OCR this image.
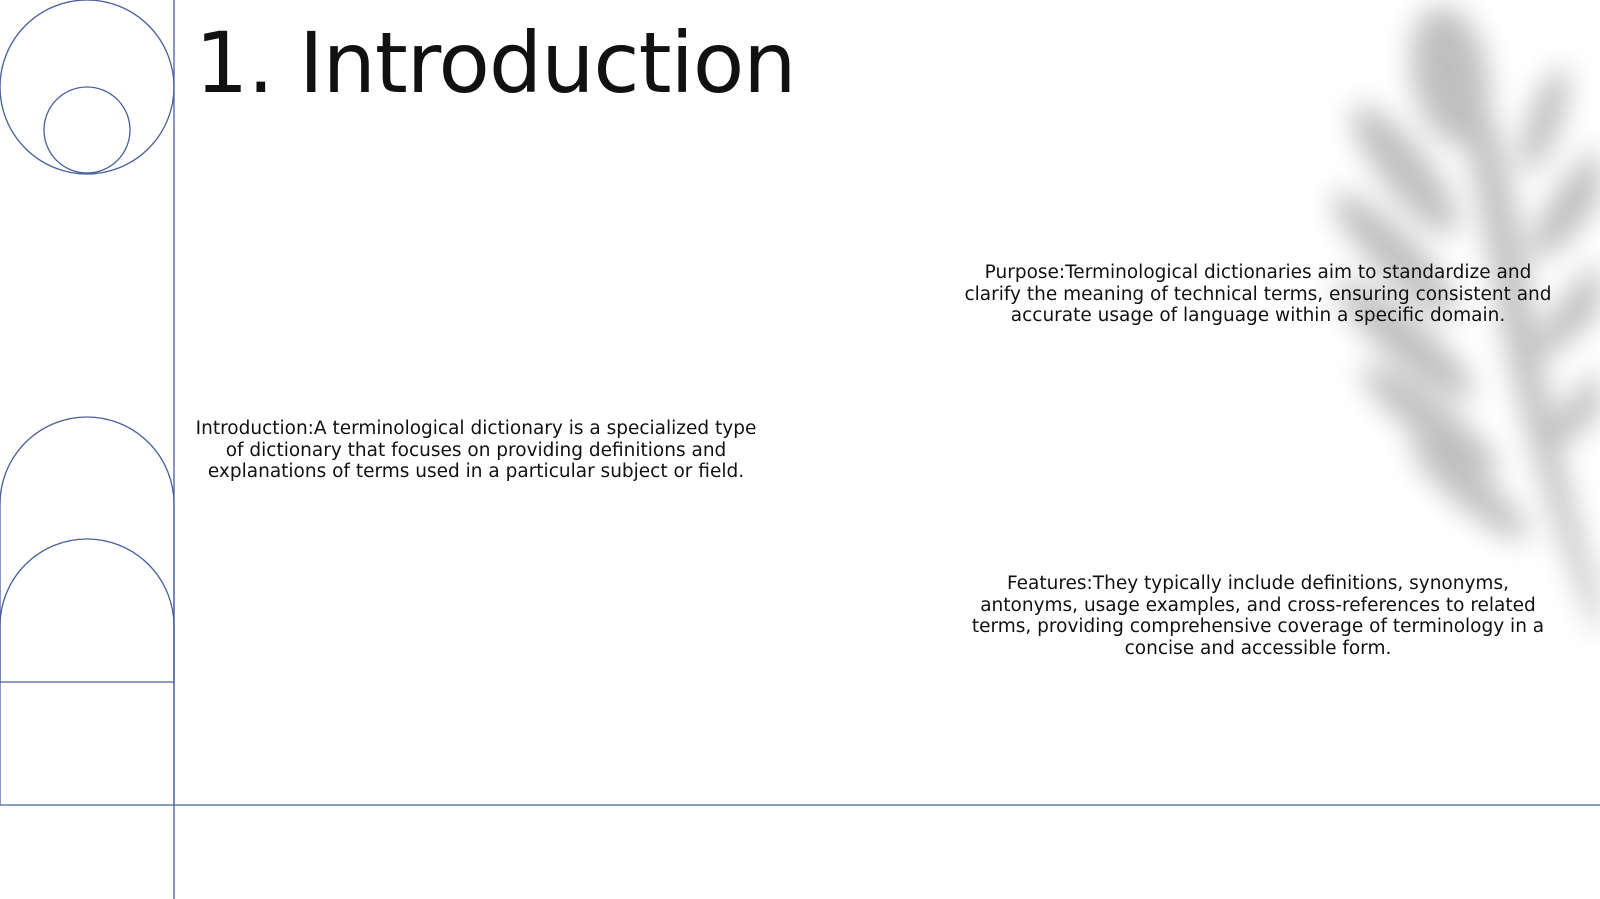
1. Introduction

Introduction:A terminological dictionary is a specialized type of dictionary that focuses on providing definitions and explanations of terms used in a particular subject or field.

Purpose:Terminological dictionaries aim to standardize and clarify the meaning of technical terms, ensuring consistent and accurate usage of language within a specific domain.

Features:They typically include definitions, synonyms, antonyms, usage examples, and cross-references to related terms, providing comprehensive coverage of terminology in a concise and accessible form.
